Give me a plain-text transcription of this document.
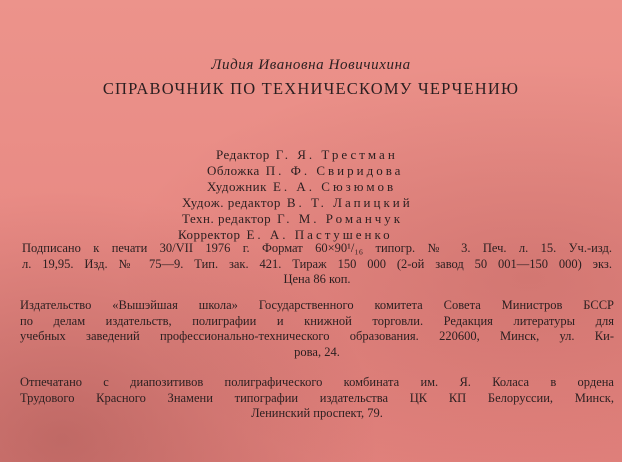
Лидия Ивановна Новичихина
СПРАВОЧНИК ПО ТЕХНИЧЕСКОМУ ЧЕРЧЕНИЮ
Редактор Г. Я. Трестман
Обложка П. Ф. Свиридова
Художник Е. А. Сюзюмов
Худож. редактор В. Т. Лапицкий
Техн. редактор Г. М. Романчук
Корректор Е. А. Пастушенко
Подписано к печати 30/VII 1976 г. Формат 60×90¹/₁₆ типогр. № 3. Печ. л. 15. Уч.-изд.
л. 19,95. Изд. № 75—9. Тип. зак. 421. Тираж 150 000 (2-ой завод 50 001—150 000) экз.
Цена 86 коп.
Издательство «Вышэйшая школа» Государственного комитета Совета Министров БССР
по делам издательств, полиграфии и книжной торговли. Редакция литературы для
учебных заведений профессионально-технического образования. 220600, Минск, ул. Ки-
рова, 24.
Отпечатано с диапозитивов полиграфического комбината им. Я. Коласа в ордена
Трудового Красного Знамени типографии издательства ЦК КП Белоруссии, Минск,
Ленинский проспект, 79.
